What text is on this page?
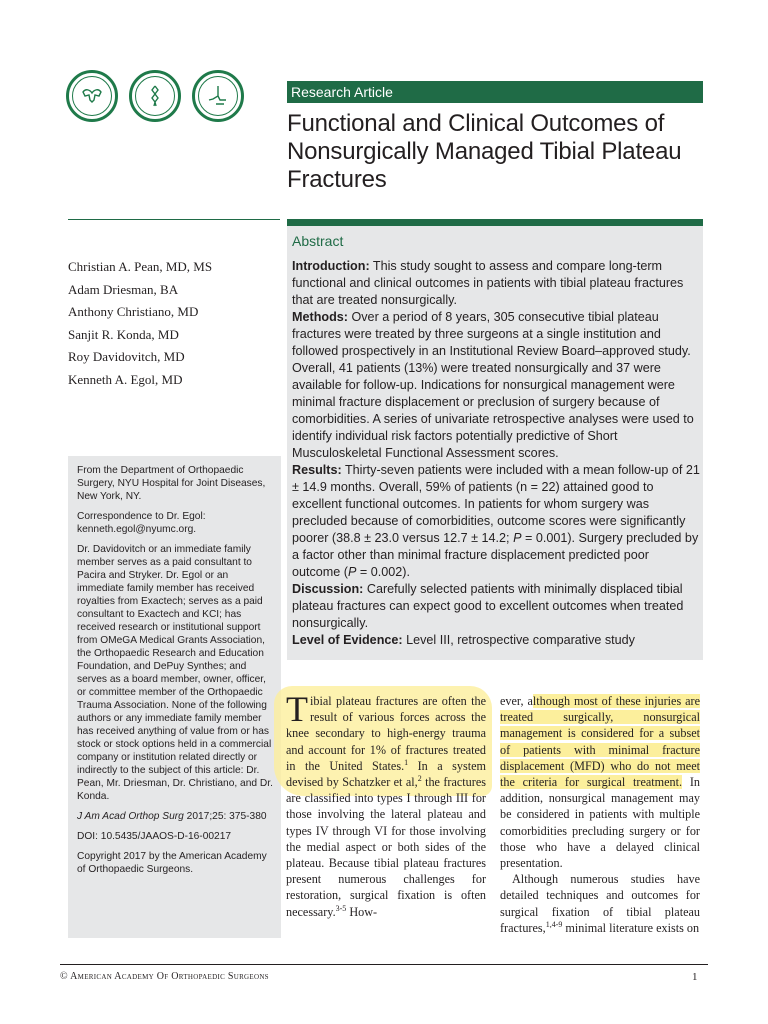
Research Article
Functional and Clinical Outcomes of Nonsurgically Managed Tibial Plateau Fractures
Christian A. Pean, MD, MS
Adam Driesman, BA
Anthony Christiano, MD
Sanjit R. Konda, MD
Roy Davidovitch, MD
Kenneth A. Egol, MD
Abstract

Introduction: This study sought to assess and compare long-term functional and clinical outcomes in patients with tibial plateau fractures that are treated nonsurgically.

Methods: Over a period of 8 years, 305 consecutive tibial plateau fractures were treated by three surgeons at a single institution and followed prospectively in an Institutional Review Board–approved study. Overall, 41 patients (13%) were treated nonsurgically and 37 were available for follow-up. Indications for nonsurgical management were minimal fracture displacement or preclusion of surgery because of comorbidities. A series of univariate retrospective analyses were used to identify individual risk factors potentially predictive of Short Musculoskeletal Functional Assessment scores.

Results: Thirty-seven patients were included with a mean follow-up of 21 ± 14.9 months. Overall, 59% of patients (n = 22) attained good to excellent functional outcomes. In patients for whom surgery was precluded because of comorbidities, outcome scores were significantly poorer (38.8 ± 23.0 versus 12.7 ± 14.2; P = 0.001). Surgery precluded by a factor other than minimal fracture displacement predicted poor outcome (P = 0.002).

Discussion: Carefully selected patients with minimally displaced tibial plateau fractures can expect good to excellent outcomes when treated nonsurgically.

Level of Evidence: Level III, retrospective comparative study

From the Department of Orthopaedic Surgery, NYU Hospital for Joint Diseases, New York, NY.

Correspondence to Dr. Egol: kenneth.egol@nyumc.org.

Dr. Davidovitch or an immediate family member serves as a paid consultant to Pacira and Stryker. Dr. Egol or an immediate family member has received royalties from Exactech; serves as a paid consultant to Exactech and KCI; has received research or institutional support from OMeGA Medical Grants Association, the Orthopaedic Research and Education Foundation, and DePuy Synthes; and serves as a board member, owner, officer, or committee member of the Orthopaedic Trauma Association. None of the following authors or any immediate family member has received anything of value from or has stock or stock options held in a commercial company or institution related directly or indirectly to the subject of this article: Dr. Pean, Mr. Driesman, Dr. Christiano, and Dr. Konda.

J Am Acad Orthop Surg 2017;25: 375-380

DOI: 10.5435/JAAOS-D-16-00217

Copyright 2017 by the American Academy of Orthopaedic Surgeons.

Tibial plateau fractures are often the result of various forces across the knee secondary to high-energy trauma and account for 1% of fractures treated in the United States.$^1$ In a system devised by Schatzker et al,$^2$ the fractures are classified into types I through III for those involving the lateral plateau and types IV through VI for those involving the medial aspect or both sides of the plateau. Because tibial plateau fractures present numerous challenges for restoration, surgical fixation is often necessary.$^{3-5}$ How-

ever, although most of these injuries are treated surgically, nonsurgical management is considered for a subset of patients with minimal fracture displacement (MFD) who do not meet the criteria for surgical treatment. In addition, nonsurgical management may be considered in patients with multiple comorbidities precluding surgery or for those who have a delayed clinical presentation.

Although numerous studies have detailed techniques and outcomes for surgical fixation of tibial plateau fractures,$^{1,4-9}$ minimal literature exists on

© American Academy Of Orthopaedic Surgeons	1
